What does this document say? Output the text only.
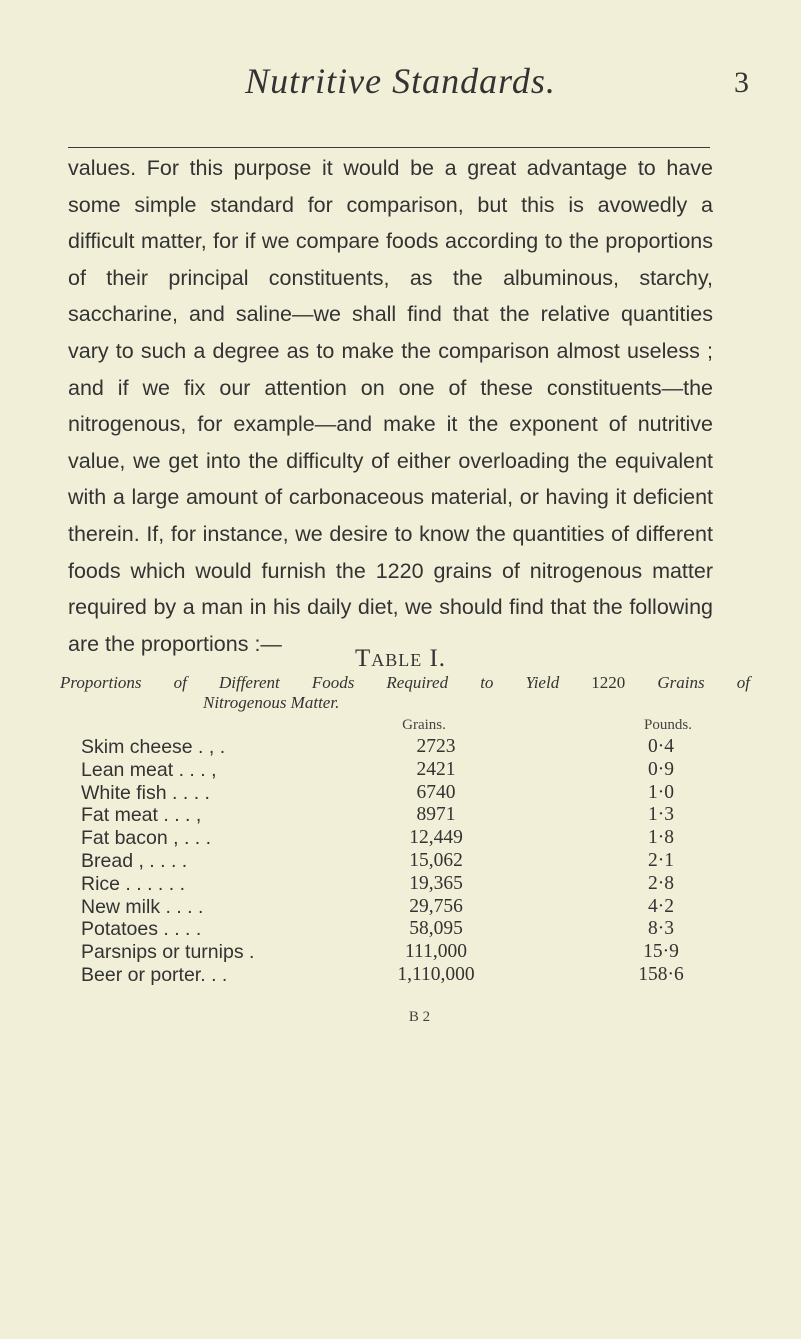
Nutritive Standards.	3

values. For this purpose it would be a great advantage to have some simple standard for comparison, but this is avowedly a difficult matter, for if we compare foods according to the proportions of their principal constituents, as the albuminous, starchy, saccharine, and saline—we shall find that the relative quantities vary to such a degree as to make the comparison almost useless ; and if we fix our attention on one of these constituents—the nitrogenous, for example—and make it the exponent of nutritive value, we get into the difficulty of either overloading the equivalent with a large amount of carbonaceous material, or having it deficient therein. If, for instance, we desire to know the quantities of different foods which would furnish the 1220 grains of nitrogenous matter required by a man in his daily diet, we should find that the following are the proportions :—

Table I.
Proportions of Different Foods Required to Yield 1220 Grains of
Nitrogenous Matter.
Grains.	Pounds.
Skim cheese . , .	2723	0·4
Lean meat . . . ,	2421	0·9
White fish . . . .	6740	1·0
Fat meat . . . ,	8971	1·3
Fat bacon , . . .	12,449	1·8
Bread , . . . .	15,062	2·1
Rice . . . . . .	19,365	2·8
New milk . . . .	29,756	4·2
Potatoes . . . .	58,095	8·3
Parsnips or turnips .	111,000	15·9
Beer or porter. . .	1,110,000	158·6
B 2
